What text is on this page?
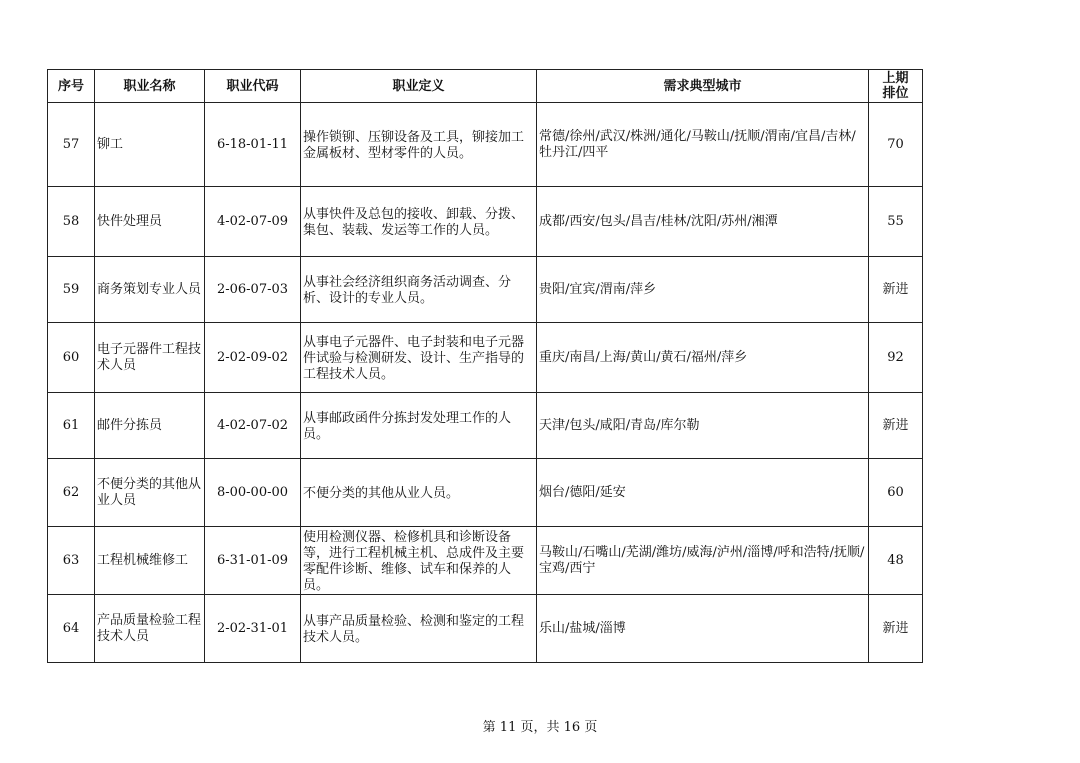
序号	职业名称	职业代码	职业定义	需求典型城市	上期
排位
57	铆工	6-18-01-11	操作锁铆、压铆设备及工具，铆接加工金属板材、型材零件的人员。	常德/徐州/武汉/株洲/通化/马鞍山/抚顺/渭南/宜昌/吉林/牡丹江/四平	70
58	快件处理员	4-02-07-09	从事快件及总包的接收、卸载、分拨、集包、装载、发运等工作的人员。	成都/西安/包头/昌吉/桂林/沈阳/苏州/湘潭	55
59	商务策划专业人员	2-06-07-03	从事社会经济组织商务活动调查、分析、设计的专业人员。	贵阳/宜宾/渭南/萍乡	新进
60	电子元器件工程技术人员	2-02-09-02	从事电子元器件、电子封装和电子元器件试验与检测研发、设计、生产指导的工程技术人员。	重庆/南昌/上海/黄山/黄石/福州/萍乡	92
61	邮件分拣员	4-02-07-02	从事邮政函件分拣封发处理工作的人员。	天津/包头/咸阳/青岛/库尔勒	新进
62	不便分类的其他从业人员	8-00-00-00	不便分类的其他从业人员。	烟台/德阳/延安	60
63	工程机械维修工	6-31-01-09	使用检测仪器、检修机具和诊断设备等，进行工程机械主机、总成件及主要零配件诊断、维修、试车和保养的人员。	马鞍山/石嘴山/芜湖/潍坊/威海/泸州/淄博/呼和浩特/抚顺/宝鸡/西宁	48
64	产品质量检验工程技术人员	2-02-31-01	从事产品质量检验、检测和鉴定的工程技术人员。	乐山/盐城/淄博	新进
第 11 页，共 16 页
